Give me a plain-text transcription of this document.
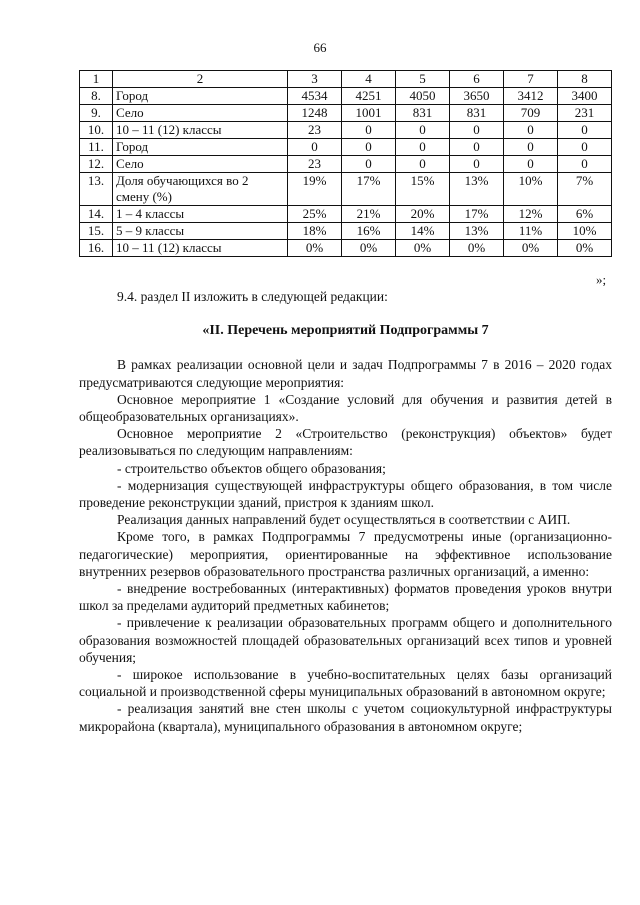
66
1	2	3	4	5	6	7	8
8.	Город	4534	4251	4050	3650	3412	3400
9.	Село	1248	1001	831	831	709	231
10.	10 – 11 (12) классы	23	0	0	0	0	0
11.	Город	0	0	0	0	0	0
12.	Село	23	0	0	0	0	0
13.	Доля обучающихся во 2 смену (%)	19%	17%	15%	13%	10%	7%
14.	1 – 4 классы	25%	21%	20%	17%	12%	6%
15.	5 – 9 классы	18%	16%	14%	13%	11%	10%
16.	10 – 11 (12) классы	0%	0%	0%	0%	0%	0%
»;

9.4. раздел II изложить в следующей редакции:

«II. Перечень мероприятий Подпрограммы 7

В рамках реализации основной цели и задач Подпрограммы 7 в 2016 – 2020 годах предусматриваются следующие мероприятия:

Основное мероприятие 1 «Создание условий для обучения и развития детей в общеобразовательных организациях».

Основное мероприятие 2 «Строительство (реконструкция) объектов» будет реализовываться по следующим направлениям:

- строительство объектов общего образования;

- модернизация существующей инфраструктуры общего образования, в том числе проведение реконструкции зданий, пристроя к зданиям школ.

Реализация данных направлений будет осуществляться в соответствии с АИП.

Кроме того, в рамках Подпрограммы 7 предусмотрены иные (организационно-педагогические) мероприятия, ориентированные на эффективное использование внутренних резервов образовательного пространства различных организаций, а именно:

- внедрение востребованных (интерактивных) форматов проведения уроков внутри школ за пределами аудиторий предметных кабинетов;

- привлечение к реализации образовательных программ общего и дополнительного образования возможностей площадей образовательных организаций всех типов и уровней обучения;

- широкое использование в учебно-воспитательных целях базы организаций социальной и производственной сферы муниципальных образований в автономном округе;

- реализация занятий вне стен школы с учетом социокультурной инфраструктуры микрорайона (квартала), муниципального образования в автономном округе;
